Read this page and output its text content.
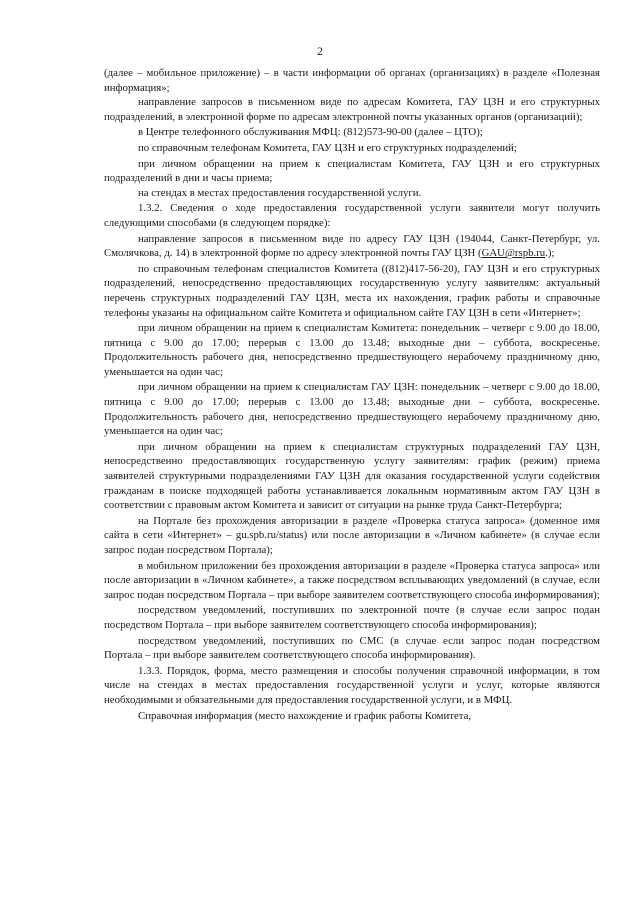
2

(далее – мобильное приложение) – в части информации об органах (организациях) в разделе «Полезная информация»;

направление запросов в письменном виде по адресам Комитета, ГАУ ЦЗН и его структурных подразделений, в электронной форме по адресам электронной почты указанных органов (организаций);

в Центре телефонного обслуживания МФЦ: (812)573-90-00 (далее – ЦТО);

по справочным телефонам Комитета, ГАУ ЦЗН и его структурных подразделений;

при личном обращении на прием к специалистам Комитета, ГАУ ЦЗН и его структурных подразделений в дни и часы приема;

на стендах в местах предоставления государственной услуги.

1.3.2. Сведения о ходе предоставления государственной услуги заявители могут получить следующими способами (в следующем порядке):

направление запросов в письменном виде по адресу ГАУ ЦЗН (194044, Санкт-Петербург, ул. Смолячкова, д. 14) в электронной форме по адресу электронной почты ГАУ ЦЗН (GAU@rspb.ru.);

по справочным телефонам специалистов Комитета ((812)417-56-20), ГАУ ЦЗН и его структурных подразделений, непосредственно предоставляющих государственную услугу заявителям: актуальный перечень структурных подразделений ГАУ ЦЗН, места их нахождения, график работы и справочные телефоны указаны на официальном сайте Комитета и официальном сайте ГАУ ЦЗН в сети «Интернет»;

при личном обращении на прием к специалистам Комитета: понедельник – четверг с 9.00 до 18.00, пятница с 9.00 до 17.00; перерыв с 13.00 до 13.48; выходные дни – суббота, воскресенье. Продолжительность рабочего дня, непосредственно предшествующего нерабочему праздничному дню, уменьшается на один час;

при личном обращении на прием к специалистам ГАУ ЦЗН: понедельник – четверг с 9.00 до 18.00, пятница с 9.00 до 17.00; перерыв с 13.00 до 13.48; выходные дни – суббота, воскресенье. Продолжительность рабочего дня, непосредственно предшествующего нерабочему праздничному дню, уменьшается на один час;

при личном обращении на прием к специалистам структурных подразделений ГАУ ЦЗН, непосредственно предоставляющих государственную услугу заявителям: график (режим) приема заявителей структурными подразделениями ГАУ ЦЗН для оказания государственной услуги содействия гражданам в поиске подходящей работы устанавливается локальным нормативным актом ГАУ ЦЗН в соответствии с правовым актом Комитета и зависит от ситуации на рынке труда Санкт-Петербурга;

на Портале без прохождения авторизации в разделе «Проверка статуса запроса» (доменное имя сайта в сети «Интернет» – gu.spb.ru/status) или после авторизации в «Личном кабинете» (в случае если запрос подан посредством Портала);

в мобильном приложении без прохождения авторизации в разделе «Проверка статуса запроса» или после авторизации в «Личном кабинете», а также посредством всплывающих уведомлений (в случае, если запрос подан посредством Портала – при выборе заявителем соответствующего способа информирования);

посредством уведомлений, поступивших по электронной почте (в случае если запрос подан посредством Портала – при выборе заявителем соответствующего способа информирования);

посредством уведомлений, поступивших по СМС (в случае если запрос подан посредством Портала – при выборе заявителем соответствующего способа информирования).

1.3.3. Порядок, форма, место размещения и способы получения справочной информации, в том числе на стендах в местах предоставления государственной услуги и услуг, которые являются необходимыми и обязательными для предоставления государственной услуги, и в МФЦ.

Справочная информация (место нахождение и график работы Комитета,
